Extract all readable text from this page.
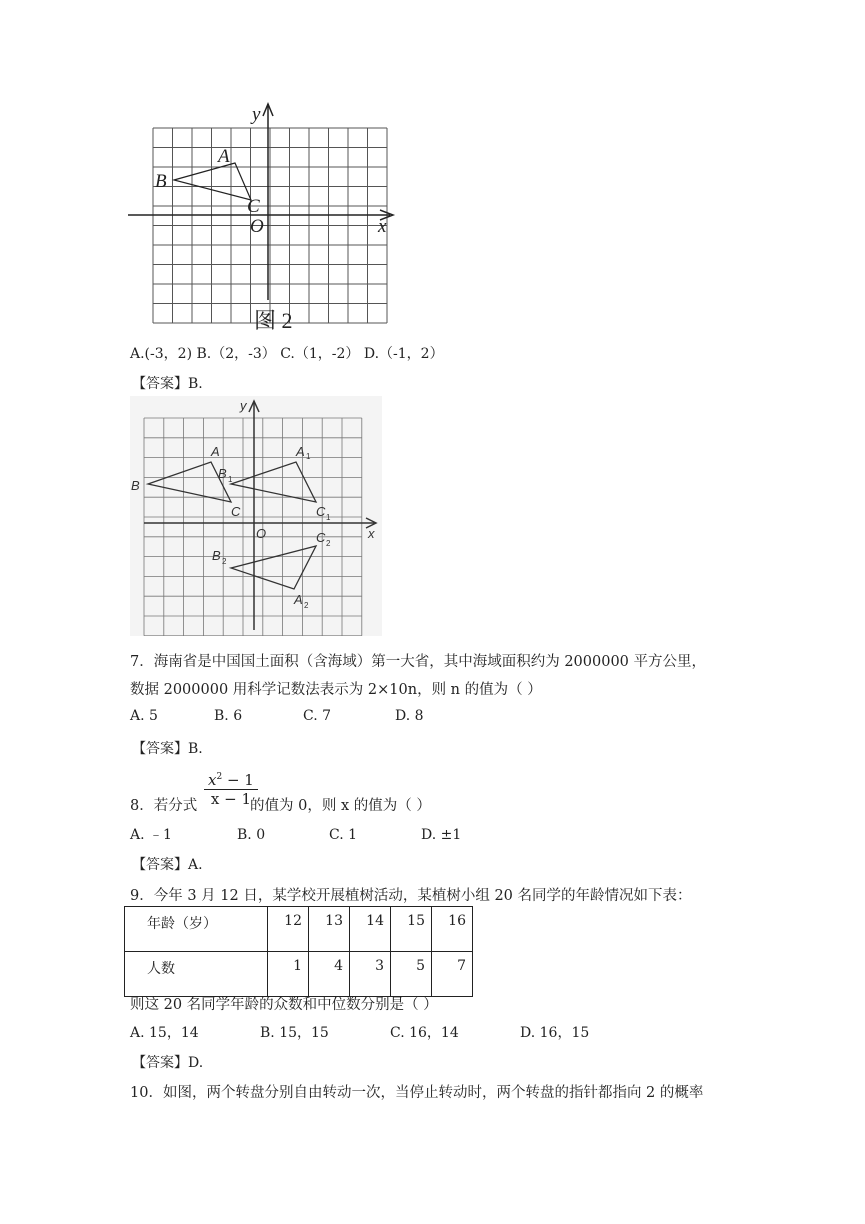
y
x
O
A
B
C
图 2
A.(-3，2) B.（2，-3） C.（1，-2） D.（-1，2）
【答案】B.
y
x
O
A
B
C
A 1
B 1
C 1
B 2
C 2
A 2
7．海南省是中国国土面积（含海域）第一大省，其中海域面积约为 2000000 平方公里，
数据 2000000 用科学记数法表示为 2×10n，则 n 的值为（ ）
A. 5	B. 6	C. 7	D. 8
【答案】B.
$\frac{x^2 - 1}{x - 1}$
8．若分式	的值为 0，则 x 的值为（ ）
A. ﹣1	B. 0	C. 1	D. ±1
【答案】A.
9．今年 3 月 12 日，某学校开展植树活动，某植树小组 20 名同学的年龄情况如下表：
年龄（岁）	12	13	14	15	16
人数	1	4	3	5	7
则这 20 名同学年龄的众数和中位数分别是（ ）
A. 15，14	B. 15，15	C. 16，14	D. 16，15
【答案】D.
10．如图，两个转盘分别自由转动一次，当停止转动时，两个转盘的指针都指向 2 的概率
